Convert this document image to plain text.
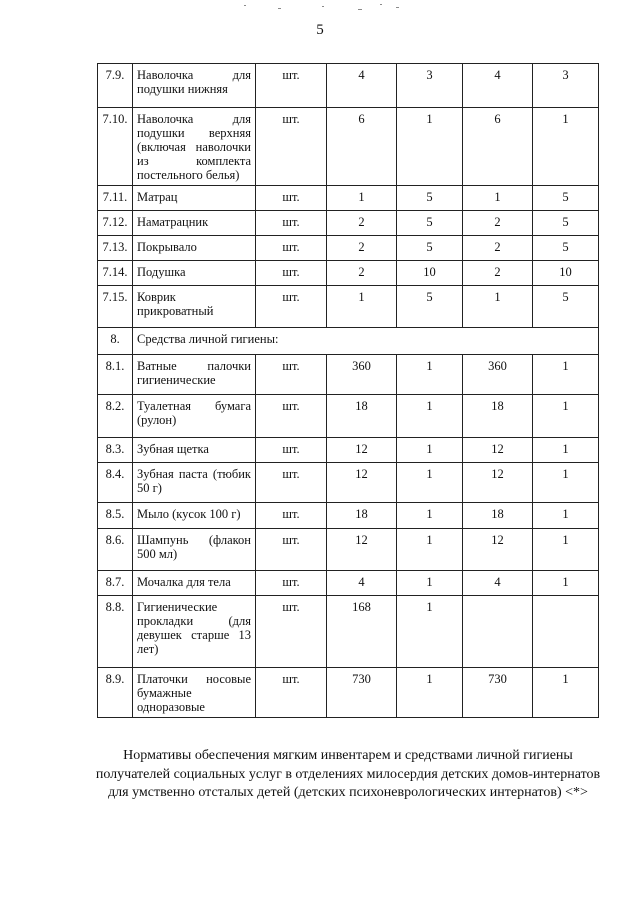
5
7.9.	Наволочка для подушки нижняя	шт.	4	3	4	3
7.10.	Наволочка для подушки верхняя (включая наволочки из комплекта постельного белья)	шт.	6	1	6	1
7.11.	Матрац	шт.	1	5	1	5
7.12.	Наматрацник	шт.	2	5	2	5
7.13.	Покрывало	шт.	2	5	2	5
7.14.	Подушка	шт.	2	10	2	10
7.15.	Коврик прикроватный	шт.	1	5	1	5
8.	Средства личной гигиены:					
8.1.	Ватные палочки гигиенические	шт.	360	1	360	1
8.2.	Туалетная бумага (рулон)	шт.	18	1	18	1
8.3.	Зубная щетка	шт.	12	1	12	1
8.4.	Зубная паста (тюбик 50 г)	шт.	12	1	12	1
8.5.	Мыло (кусок 100 г)	шт.	18	1	18	1
8.6.	Шампунь (флакон 500 мл)	шт.	12	1	12	1
8.7.	Мочалка для тела	шт.	4	1	4	1
8.8.	Гигиенические прокладки (для девушек старше 13 лет)	шт.	168	1		
8.9.	Платочки носовые бумажные одноразовые	шт.	730	1	730	1
Нормативы обеспечения мягким инвентарем и средствами личной гигиены получателей социальных услуг в отделениях милосердия детских домов-интернатов для умственно отсталых детей (детских психоневрологических интернатов) <*>
